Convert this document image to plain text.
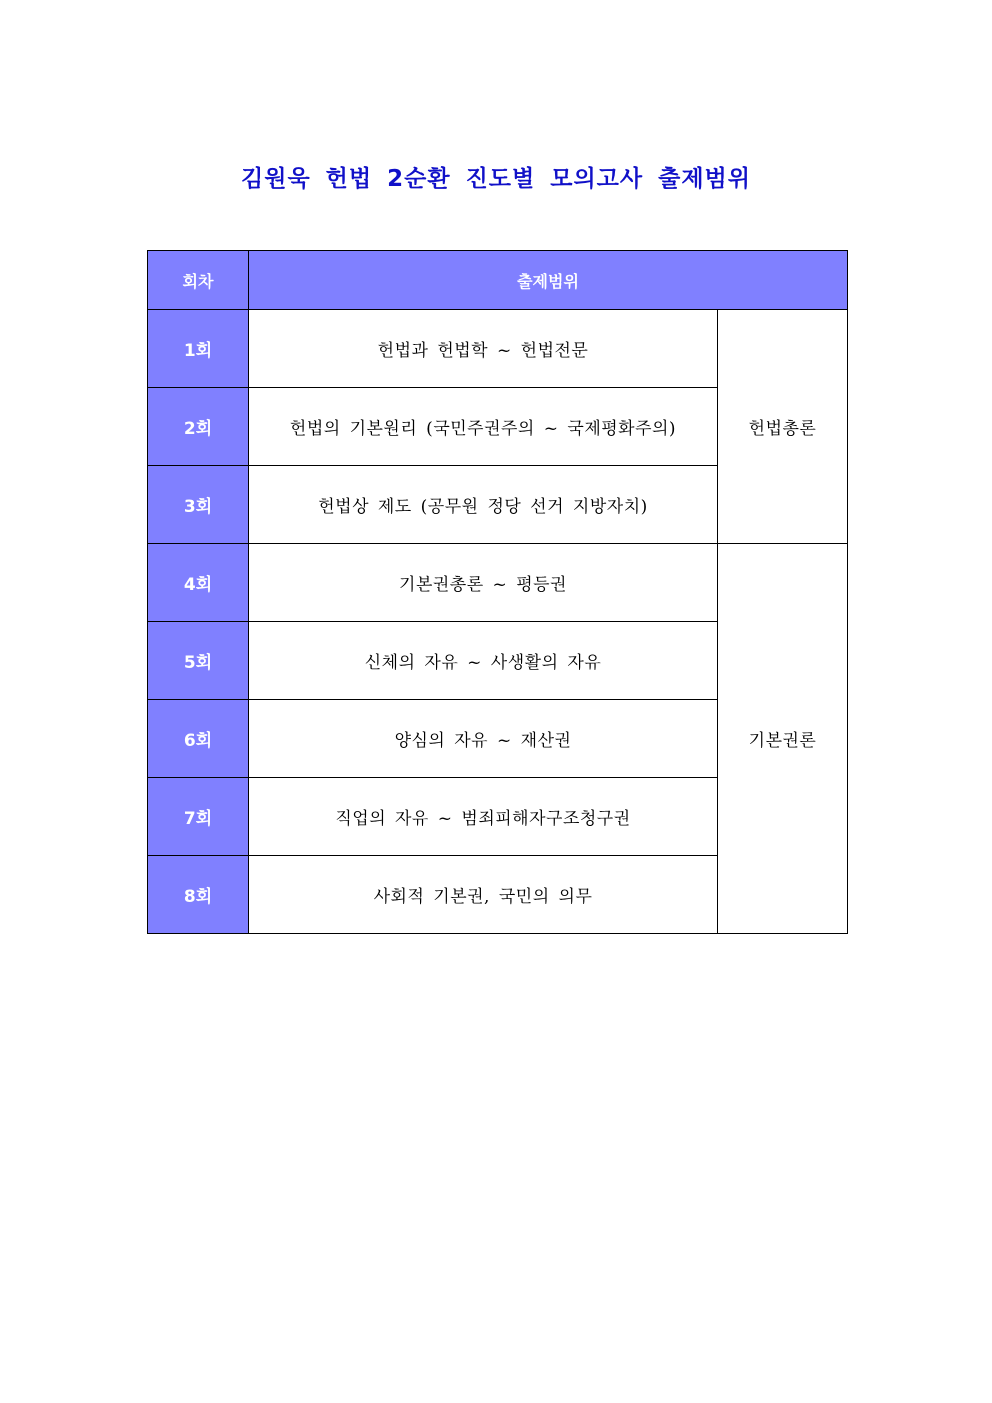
김원욱 헌법 2순환 진도별 모의고사 출제범위
회차	출제범위	
1회	헌법과 헌법학 ~ 헌법전문	헌법총론
2회	헌법의 기본원리 (국민주권주의 ~ 국제평화주의)	
3회	헌법상 제도 (공무원 정당 선거 지방자치)	
4회	기본권총론 ~ 평등권	기본권론
5회	신체의 자유 ~ 사생활의 자유	
6회	양심의 자유 ~ 재산권	
7회	직업의 자유 ~ 범죄피해자구조청구권	
8회	사회적 기본권, 국민의 의무	
